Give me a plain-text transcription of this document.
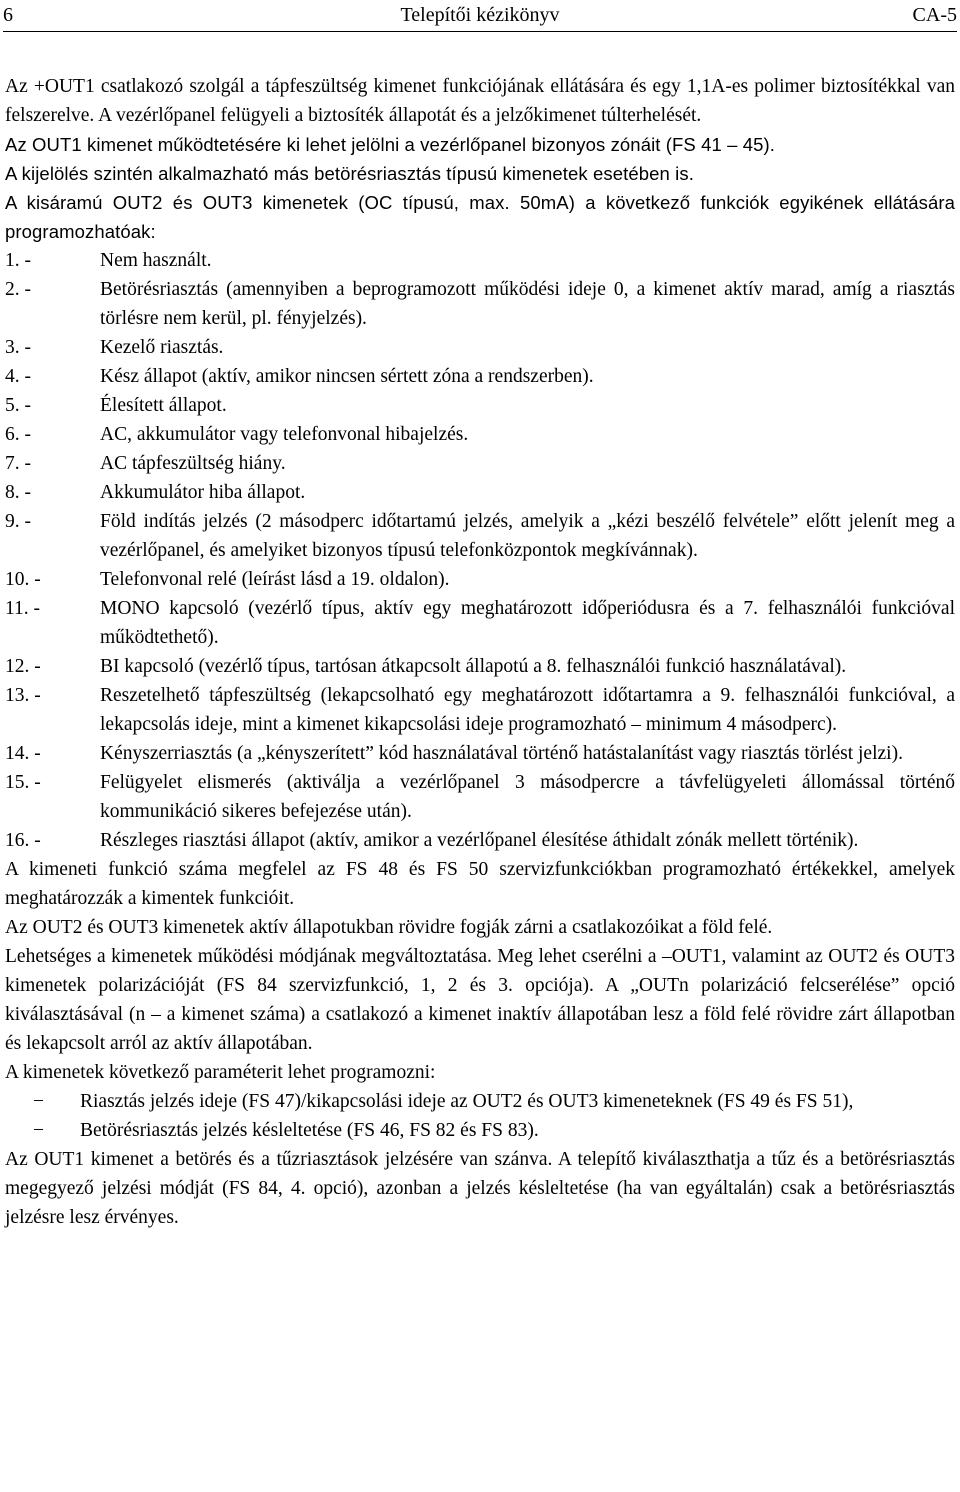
6	Telepítői kézikönyv	CA-5

Az +OUT1 csatlakozó szolgál a tápfeszültség kimenet funkciójának ellátására és egy 1,1A-es polimer biztosítékkal van felszerelve. A vezérlőpanel felügyeli a biztosíték állapotát és a jelzőkimenet túlterhelését.

Az OUT1 kimenet működtetésére ki lehet jelölni a vezérlőpanel bizonyos zónáit (FS 41 – 45).

A kijelölés szintén alkalmazható más betörésriasztás típusú kimenetek esetében is.

A kisáramú OUT2 és OUT3 kimenetek (OC típusú, max. 50mA) a következő funkciók egyikének ellátására programozhatóak:

1. -	Nem használt.
2. -	Betörésriasztás (amennyiben a beprogramozott működési ideje 0, a kimenet aktív marad, amíg a riasztás törlésre nem kerül, pl. fényjelzés).
3. -	Kezelő riasztás.
4. -	Kész állapot (aktív, amikor nincsen sértett zóna a rendszerben).
5. -	Élesített állapot.
6. -	AC, akkumulátor vagy telefonvonal hibajelzés.
7. -	AC tápfeszültség hiány.
8. -	Akkumulátor hiba állapot.
9. -	Föld indítás jelzés (2 másodperc időtartamú jelzés, amelyik a „kézi beszélő felvétele” előtt jelenít meg a vezérlőpanel, és amelyiket bizonyos típusú telefonközpontok megkívánnak).
10. -	Telefonvonal relé (leírást lásd a 19. oldalon).
11. -	MONO kapcsoló (vezérlő típus, aktív egy meghatározott időperiódusra és a 7. felhasználói funkcióval működtethető).
12. -	BI kapcsoló (vezérlő típus, tartósan átkapcsolt állapotú a 8. felhasználói funkció használatával).
13. -	Reszetelhető tápfeszültség (lekapcsolható egy meghatározott időtartamra a 9. felhasználói funkcióval, a lekapcsolás ideje, mint a kimenet kikapcsolási ideje programozható – minimum 4 másodperc).
14. -	Kényszerriasztás (a „kényszerített” kód használatával történő hatástalanítást vagy riasztás törlést jelzi).
15. -	Felügyelet elismerés (aktiválja a vezérlőpanel 3 másodpercre a távfelügyeleti állomással történő kommunikáció sikeres befejezése után).
16. -	Részleges riasztási állapot (aktív, amikor a vezérlőpanel élesítése áthidalt zónák mellett történik).

A kimeneti funkció száma megfelel az FS 48 és FS 50 szervizfunkciókban programozható értékekkel, amelyek meghatározzák a kimentek funkcióit.

Az OUT2 és OUT3 kimenetek aktív állapotukban rövidre fogják zárni a csatlakozóikat a föld felé.

Lehetséges a kimenetek működési módjának megváltoztatása. Meg lehet cserélni a –OUT1, valamint az OUT2 és OUT3 kimenetek polarizációját (FS 84 szervizfunkció, 1, 2 és 3. opciója). A „OUTn polarizáció felcserélése” opció kiválasztásával (n – a kimenet száma) a csatlakozó a kimenet inaktív állapotában lesz a föld felé rövidre zárt állapotban és lekapcsolt arról az aktív állapotában.

A kimenetek következő paraméterit lehet programozni:

−	Riasztás jelzés ideje (FS 47)/kikapcsolási ideje az OUT2 és OUT3 kimeneteknek (FS 49 és FS 51),
−	Betörésriasztás jelzés késleltetése (FS 46, FS 82 és FS 83).

Az OUT1 kimenet a betörés és a tűzriasztások jelzésére van szánva. A telepítő kiválaszthatja a tűz és a betörésriasztás megegyező jelzési módját (FS 84, 4. opció), azonban a jelzés késleltetése (ha van egyáltalán) csak a betörésriasztás jelzésre lesz érvényes.
